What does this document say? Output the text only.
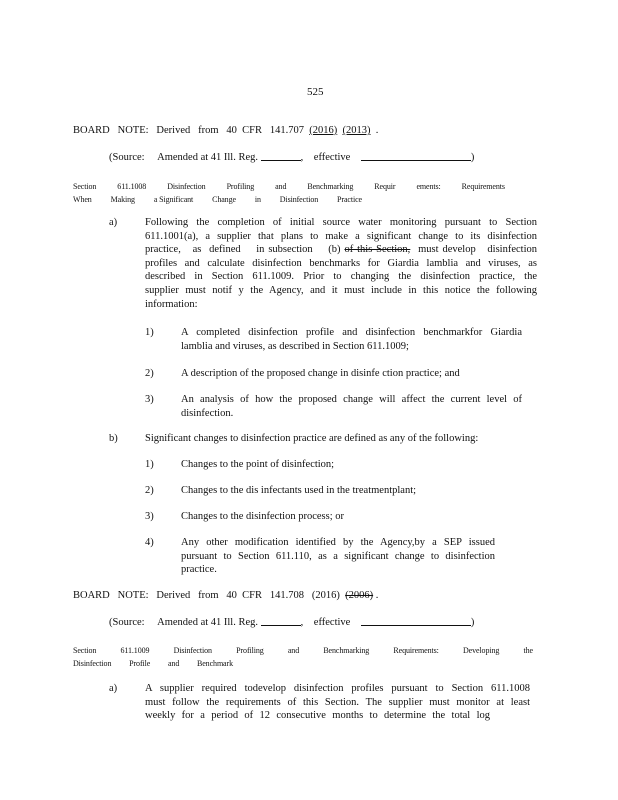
525
BOARD   NOTE:   Derived   from   40  CFR   141.707  (2016) (2013)  .
(Source: Amended at 41 Ill. Reg.	, effective	)
Section	611.1008	Disinfection	Profiling	and	Benchmarking	Requir	ements:	Requirements
When Making a Significant Change in Disinfection Practice
a)	Following the completion of initial source water monitoring pursuant to Section
611.1001(a), a supplier that plans to make a significant change to its disinfection
practice,   as  defined    in subsection    (b) of this Section,  must develop   disinfection
profiles and calculate disinfection benchmarks for Giardia lamblia and viruses, as
described in Section 611.1009. Prior to changing the disinfection practice, the
supplier must notif y the Agency, and it must include in this notice the following
information:
1)	A completed disinfection profile and disinfection benchmarkfor Giardia
lamblia and viruses, as described in Section 611.1009;
2)	A description of the proposed change in disinfe ction practice; and
3)	An analysis of how the proposed change will affect the current level of
disinfection.
b)	Significant changes to disinfection practice are defined as any of the following:
1)	Changes to the point of disinfection;
2)	Changes to the dis infectants used in the treatmentplant;
3)	Changes to the disinfection process; or
4)	Any other modification identified by the Agency,by a SEP issued
pursuant to Section 611.110, as a significant change to disinfection
practice.
BOARD   NOTE:   Derived   from   40  CFR   141.708   (2016)  (2006) .
(Source: Amended at 41 Ill. Reg.	, effective	)
Section	611.1009	Disinfection	Profiling	and	Benchmarking	Requirements:	Developing	the
Disinfection Profile and Benchmark
a)	A supplier required todevelop disinfection profiles pursuant to Section 611.1008
must follow the requirements of this Section. The supplier must monitor at least
weekly for a period of 12 consecutive months to determine the total log
